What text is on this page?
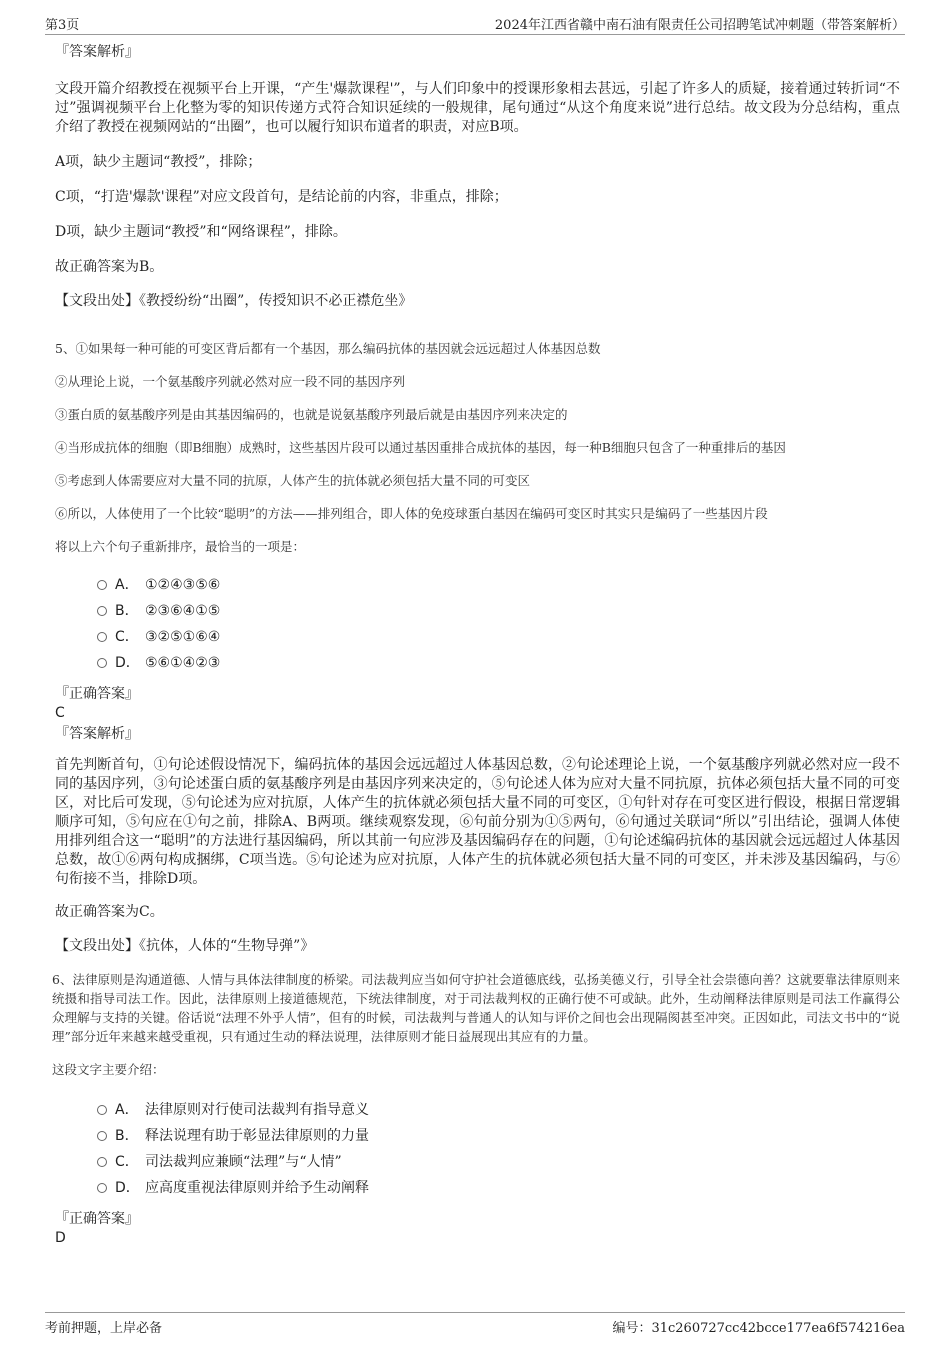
第3页	2024年江西省赣中南石油有限责任公司招聘笔试冲刺题（带答案解析）

『答案解析』

文段开篇介绍教授在视频平台上开课，“产生'爆款课程'”，与人们印象中的授课形象相去甚远，引起了许多人的质疑，接着通过转折词“不过”强调视频平台上化整为零的知识传递方式符合知识延续的一般规律，尾句通过“从这个角度来说”进行总结。故文段为分总结构，重点介绍了教授在视频网站的“出圈”，也可以履行知识布道者的职责，对应B项。

A项，缺少主题词“教授”，排除；

C项，“打造'爆款'课程”对应文段首句，是结论前的内容，非重点，排除；

D项，缺少主题词“教授”和“网络课程”，排除。

故正确答案为B。

【文段出处】《教授纷纷“出圈”，传授知识不必正襟危坐》

5、①如果每一种可能的可变区背后都有一个基因，那么编码抗体的基因就会远远超过人体基因总数

②从理论上说，一个氨基酸序列就必然对应一段不同的基因序列

③蛋白质的氨基酸序列是由其基因编码的，也就是说氨基酸序列最后就是由基因序列来决定的

④当形成抗体的细胞（即B细胞）成熟时，这些基因片段可以通过基因重排合成抗体的基因，每一种B细胞只包含了一种重排后的基因

⑤考虑到人体需要应对大量不同的抗原，人体产生的抗体就必须包括大量不同的可变区

⑥所以，人体使用了一个比较“聪明”的方法——排列组合，即人体的免疫球蛋白基因在编码可变区时其实只是编码了一些基因片段

将以上六个句子重新排序，最恰当的一项是：

A． ①②④③⑤⑥
B． ②③⑥④①⑤
C． ③②⑤①⑥④
D． ⑤⑥①④②③

『正确答案』

C

『答案解析』

首先判断首句，①句论述假设情况下，编码抗体的基因会远远超过人体基因总数，②句论述理论上说，一个氨基酸序列就必然对应一段不同的基因序列，③句论述蛋白质的氨基酸序列是由基因序列来决定的，⑤句论述人体为应对大量不同抗原，抗体必须包括大量不同的可变区，对比后可发现，⑤句论述为应对抗原，人体产生的抗体就必须包括大量不同的可变区，①句针对存在可变区进行假设，根据日常逻辑顺序可知，⑤句应在①句之前，排除A、B两项。继续观察发现，⑥句前分别为①⑤两句，⑥句通过关联词“所以”引出结论，强调人体使用排列组合这一“聪明”的方法进行基因编码，所以其前一句应涉及基因编码存在的问题，①句论述编码抗体的基因就会远远超过人体基因总数，故①⑥两句构成捆绑，C项当选。⑤句论述为应对抗原，人体产生的抗体就必须包括大量不同的可变区，并未涉及基因编码，与⑥句衔接不当，排除D项。

故正确答案为C。

【文段出处】《抗体，人体的“生物导弹”》

6、法律原则是沟通道德、人情与具体法律制度的桥梁。司法裁判应当如何守护社会道德底线，弘扬美德义行，引导全社会崇德向善？这就要靠法律原则来统摄和指导司法工作。因此，法律原则上接道德规范，下统法律制度，对于司法裁判权的正确行使不可或缺。此外，生动阐释法律原则是司法工作赢得公众理解与支持的关键。俗话说“法理不外乎人情”，但有的时候，司法裁判与普通人的认知与评价之间也会出现隔阂甚至冲突。正因如此，司法文书中的“说理”部分近年来越来越受重视，只有通过生动的释法说理，法律原则才能日益展现出其应有的力量。

这段文字主要介绍：

A． 法律原则对行使司法裁判有指导意义
B． 释法说理有助于彰显法律原则的力量
C． 司法裁判应兼顾“法理”与“人情”
D． 应高度重视法律原则并给予生动阐释

『正确答案』

D

考前押题，上岸必备	编号：31c260727cc42bcce177ea6f574216ea
